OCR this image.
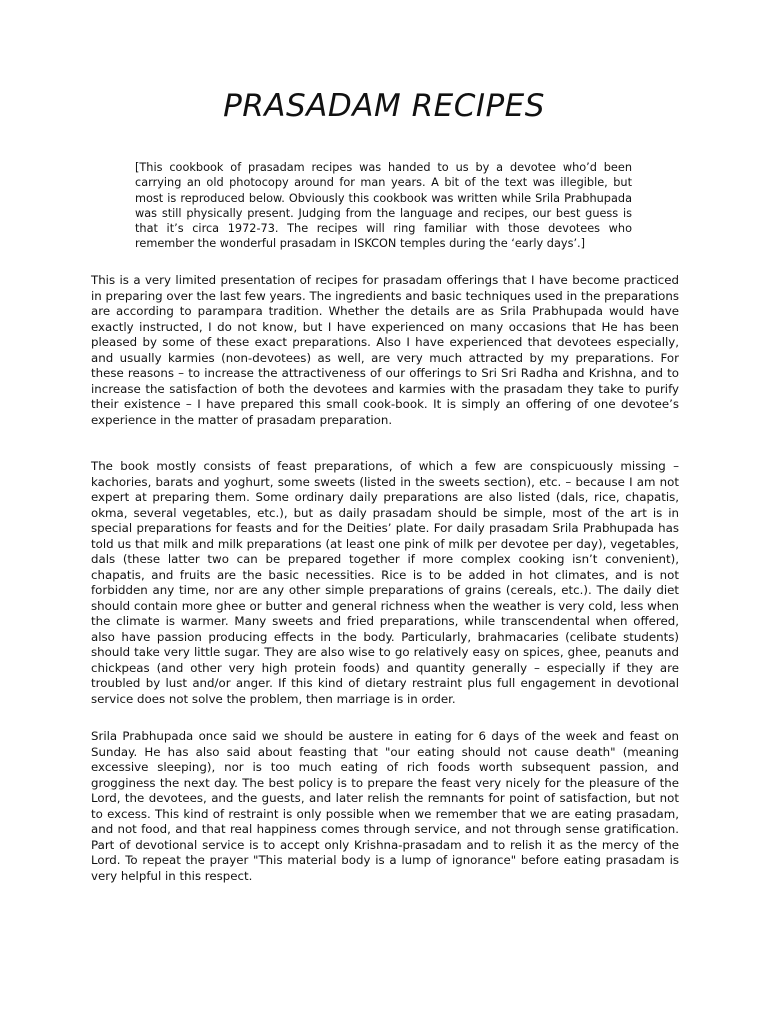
PRASADAM RECIPES

[This cookbook of prasadam recipes was handed to us by a devotee who’d been carrying an old photocopy around for man years. A bit of the text was illegible, but most is reproduced below. Obviously this cookbook was written while Srila Prabhupada was still physically present. Judging from the language and recipes, our best guess is that it’s circa 1972-73. The recipes will ring familiar with those devotees who remember the wonderful prasadam in ISKCON temples during the ‘early days’.]

This is a very limited presentation of recipes for prasadam offerings that I have become practiced in preparing over the last few years. The ingredients and basic techniques used in the preparations are according to parampara tradition. Whether the details are as Srila Prabhupada would have exactly instructed, I do not know, but I have experienced on many occasions that He has been pleased by some of these exact preparations. Also I have experienced that devotees especially, and usually karmies (non-devotees) as well, are very much attracted by my preparations. For these reasons – to increase the attractiveness of our offerings to Sri Sri Radha and Krishna, and to increase the satisfaction of both the devotees and karmies with the prasadam they take to purify their existence – I have prepared this small cook-book. It is simply an offering of one devotee’s experience in the matter of prasadam preparation.

The book mostly consists of feast preparations, of which a few are conspicuously missing – kachories, barats and yoghurt, some sweets (listed in the sweets section), etc. – because I am not expert at preparing them. Some ordinary daily preparations are also listed (dals, rice, chapatis, okma, several vegetables, etc.), but as daily prasadam should be simple, most of the art is in special preparations for feasts and for the Deities’ plate. For daily prasadam Srila Prabhupada has told us that milk and milk preparations (at least one pink of milk per devotee per day), vegetables, dals (these latter two can be prepared together if more complex cooking isn’t convenient), chapatis, and fruits are the basic necessities. Rice is to be added in hot climates, and is not forbidden any time, nor are any other simple preparations of grains (cereals, etc.). The daily diet should contain more ghee or butter and general richness when the weather is very cold, less when the climate is warmer. Many sweets and fried preparations, while transcendental when offered, also have passion producing effects in the body. Particularly, brahmacaries (celibate students) should take very little sugar. They are also wise to go relatively easy on spices, ghee, peanuts and chickpeas (and other very high protein foods) and quantity generally – especially if they are troubled by lust and/or anger. If this kind of dietary restraint plus full engagement in devotional service does not solve the problem, then marriage is in order.

Srila Prabhupada once said we should be austere in eating for 6 days of the week and feast on Sunday. He has also said about feasting that "our eating should not cause death" (meaning excessive sleeping), nor is too much eating of rich foods worth subsequent passion, and grogginess the next day. The best policy is to prepare the feast very nicely for the pleasure of the Lord, the devotees, and the guests, and later relish the remnants for point of satisfaction, but not to excess. This kind of restraint is only possible when we remember that we are eating prasadam, and not food, and that real happiness comes through service, and not through sense gratification. Part of devotional service is to accept only Krishna-prasadam and to relish it as the mercy of the Lord. To repeat the prayer "This material body is a lump of ignorance" before eating prasadam is very helpful in this respect.
